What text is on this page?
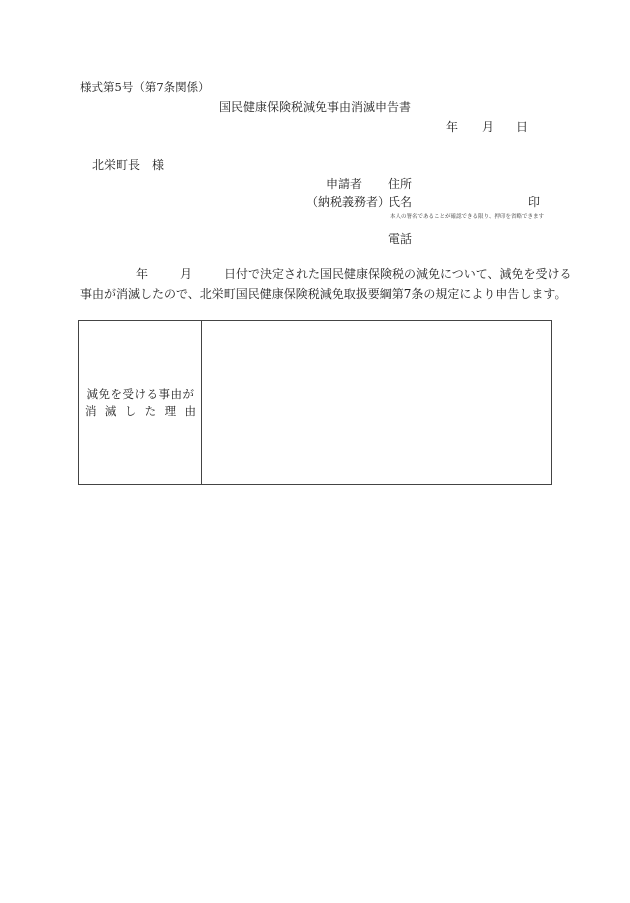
様式第5号（第7条関係）
国民健康保険税減免事由消滅申告書
年 月 日
北栄町長　様
申請者 住所
（納税義務者）
氏名	印
本人の署名であることが確認できる限り、押印を省略できます
電話
年	月	日付で決定された国民健康保険税の減免について、減免を受ける
事由が消滅したので、北栄町国民健康保険税減免取扱要綱第7条の規定により申告します。
減免を受ける事由が
消 滅 し た 理 由
